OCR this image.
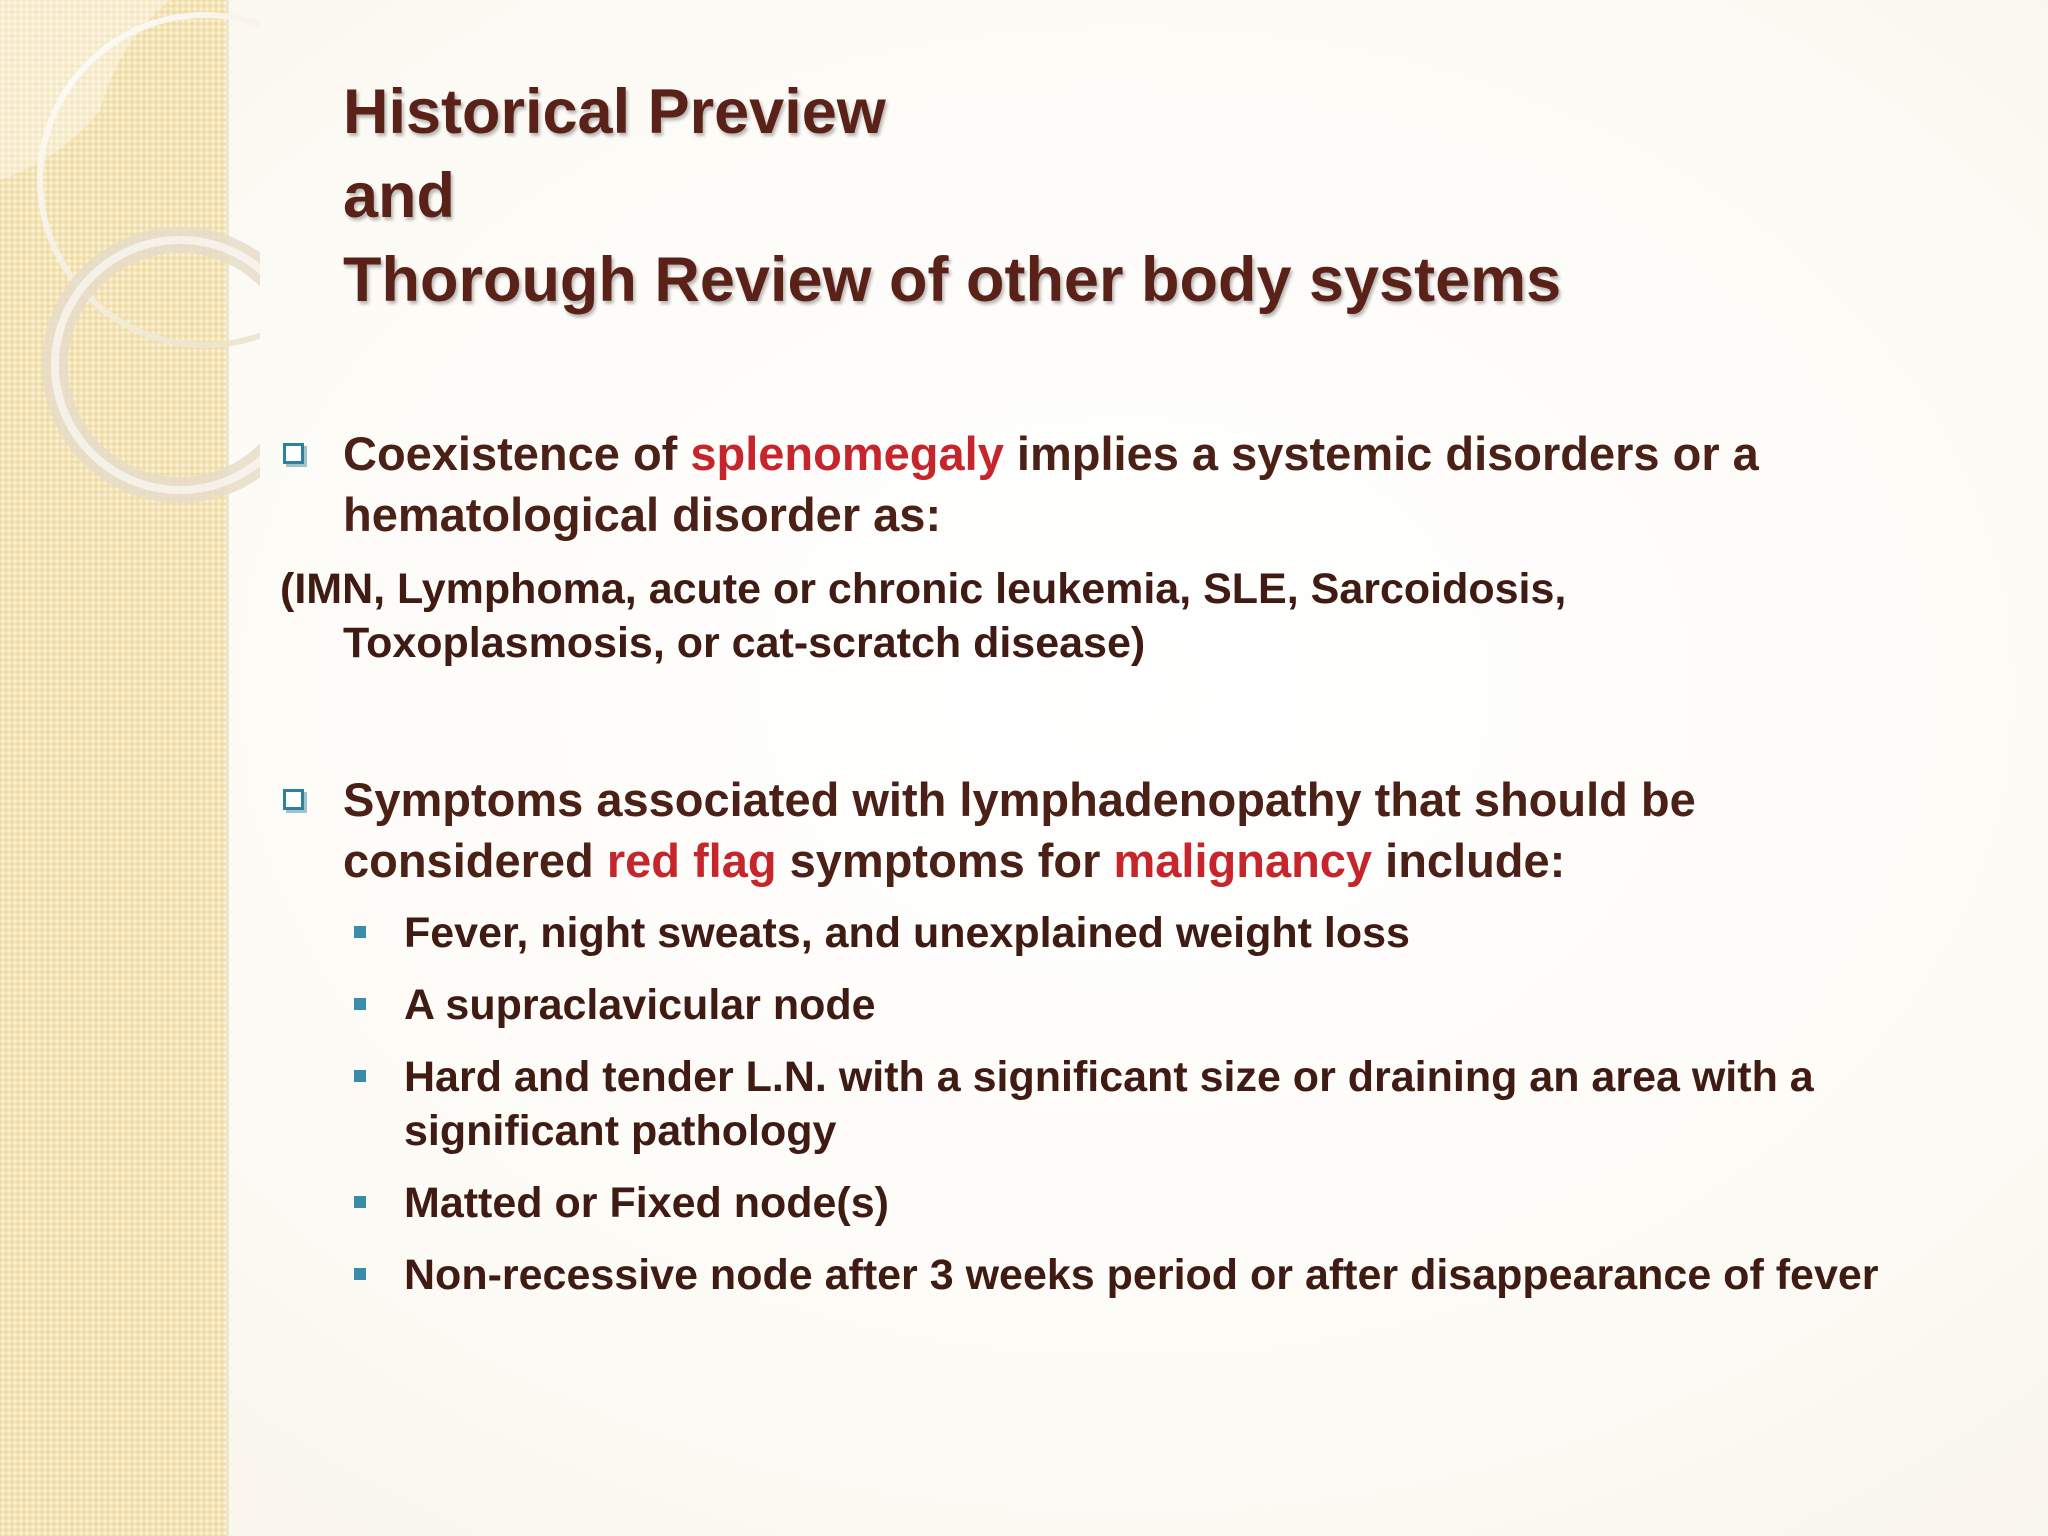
Historical Preview
and
Thorough Review of other body systems
Coexistence of splenomegaly implies a systemic disorders or a
hematological disorder as:
(IMN, Lymphoma, acute or chronic leukemia, SLE, Sarcoidosis,
Toxoplasmosis, or cat-scratch disease)
Symptoms associated with lymphadenopathy that should be
considered red flag symptoms for malignancy include:
Fever, night sweats, and unexplained weight loss
A supraclavicular node
Hard and tender L.N. with a significant size or draining an area with a
significant pathology
Matted or Fixed node(s)
Non-recessive node after 3 weeks period or after disappearance of fever
